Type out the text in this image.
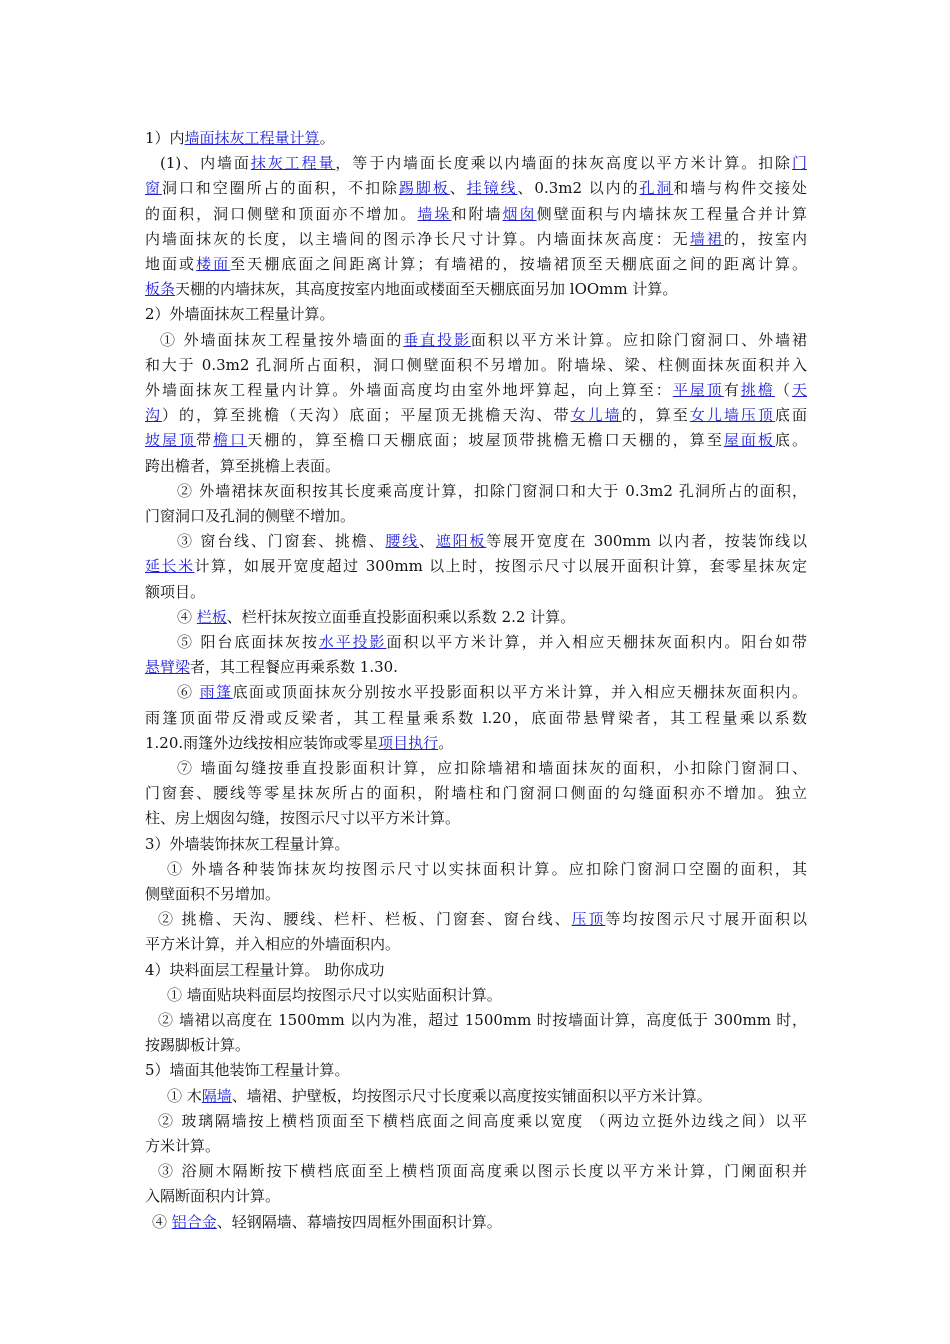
1）内墙面抹灰工程量计算。
(1)、内墙面抹灰工程量，等于内墙面长度乘以内墙面的抹灰高度以平方米计算。扣除门
窗洞口和空圈所占的面积，不扣除踢脚板、挂镜线、0.3m2 以内的孔洞和墙与构件交接处
的面积，洞口侧壁和顶面亦不增加。墙垛和附墙烟囱侧壁面积与内墙抹灰工程量合并计算
内墙面抹灰的长度，以主墙间的图示净长尺寸计算。内墙面抹灰高度：无墙裙的，按室内
地面或楼面至天棚底面之间距离计算；有墙裙的，按墙裙顶至天棚底面之间的距离计算。
板条天棚的内墙抹灰，其高度按室内地面或楼面至天棚底面另加 lOOmm 计算。
2）外墙面抹灰工程量计算。
① 外墙面抹灰工程量按外墙面的垂直投影面积以平方米计算。应扣除门窗洞口、外墙裙
和大于 0.3m2 孔洞所占面积，洞口侧壁面积不另增加。附墙垛、梁、柱侧面抹灰面积并入
外墙面抹灰工程量内计算。外墙面高度均由室外地坪算起，向上算至：平屋顶有挑檐（天
沟）的，算至挑檐（天沟）底面；平屋顶无挑檐天沟、带女儿墙的，算至女儿墙压顶底面
坡屋顶带檐口天棚的，算至檐口天棚底面；坡屋顶带挑檐无檐口天棚的，算至屋面板底。
跨出檐者，算至挑檐上表面。
② 外墙裙抹灰面积按其长度乘高度计算，扣除门窗洞口和大于 0.3m2 孔洞所占的面积，
门窗洞口及孔洞的侧壁不增加。
③ 窗台线、门窗套、挑檐、腰线、遮阳板等展开宽度在 300mm 以内者，按装饰线以
延长米计算，如展开宽度超过 300mm 以上时，按图示尺寸以展开面积计算，套零星抹灰定
额项目。
④ 栏板、栏杆抹灰按立面垂直投影面积乘以系数 2.2 计算。
⑤ 阳台底面抹灰按水平投影面积以平方米计算，并入相应天棚抹灰面积内。阳台如带
悬臂梁者，其工程餐应再乘系数 1.30.
⑥ 雨篷底面或顶面抹灰分别按水平投影面积以平方米计算，并入相应天棚抹灰面积内。
雨篷顶面带反滑或反梁者，其工程量乘系数 l.20，底面带悬臂梁者，其工程量乘以系数
1.20.雨篷外边线按相应装饰或零星项目执行。
⑦ 墙面勾缝按垂直投影面积计算，应扣除墙裙和墙面抹灰的面积，小扣除门窗洞口、
门窗套、腰线等零星抹灰所占的面积，附墙柱和门窗洞口侧面的勾缝面积亦不增加。独立
柱、房上烟囱勾缝，按图示尺寸以平方米计算。
3）外墙装饰抹灰工程量计算。
① 外墙各种装饰抹灰均按图示尺寸以实抹面积计算。应扣除门窗洞口空圈的面积，其
侧壁面积不另增加。
② 挑檐、天沟、腰线、栏杆、栏板、门窗套、窗台线、压顶等均按图示尺寸展开面积以
平方米计算，并入相应的外墙面积内。
4）块料面层工程量计算。 助你成功
① 墙面贴块料面层均按图示尺寸以实贴面积计算。
② 墙裙以高度在 1500mm 以内为准，超过 1500mm 时按墙面计算，高度低于 300mm 时，
按踢脚板计算。
5）墙面其他装饰工程量计算。
① 木隔墙、墙裙、护壁板，均按图示尺寸长度乘以高度按实铺面积以平方米计算。
② 玻璃隔墙按上横档顶面至下横档底面之间高度乘以宽度 （两边立挺外边线之间）以平
方米计算。
③ 浴厕木隔断按下横档底面至上横档顶面高度乘以图示长度以平方米计算，门阑面积并
入隔断面积内计算。
④ 铝合金、轻钢隔墙、幕墙按四周框外围面积计算。
